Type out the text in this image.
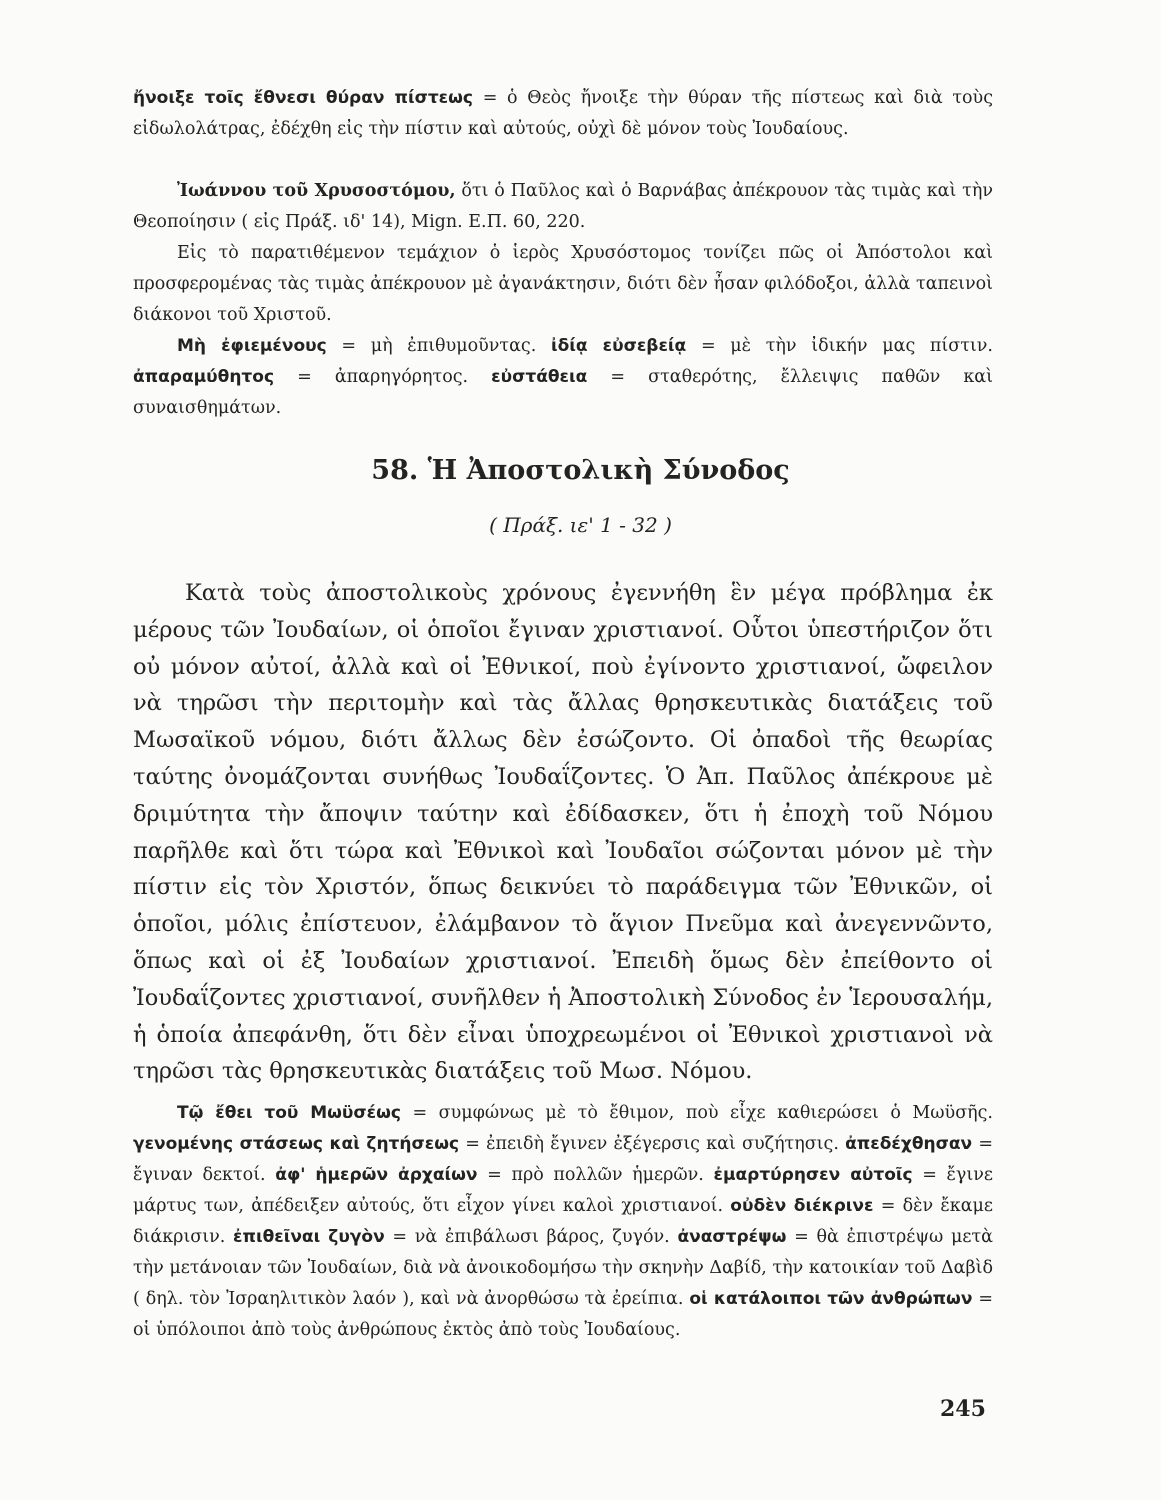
ἤνοιξε τοῖς ἔθνεσι θύραν πίστεως = ὁ Θεὸς ἤνοιξε τὴν θύραν τῆς πίστεως καὶ διὰ τοὺς εἰδωλολάτρας, ἐδέχθη εἰς τὴν πίστιν καὶ αὐτούς, οὐχὶ δὲ μόνον τοὺς Ἰουδαίους.

Ἰωάννου τοῦ Χρυσοστόμου, ὅτι ὁ Παῦλος καὶ ὁ Βαρνάβας ἀπέκρουον τὰς τιμὰς καὶ τὴν Θεοποίησιν ( εἰς Πράξ. ιδ' 14), Mign. Ε.Π. 60, 220.

Εἰς τὸ παρατιθέμενον τεμάχιον ὁ ἱερὸς Χρυσόστομος τονίζει πῶς οἱ Ἀπόστολοι καὶ προσφερομένας τὰς τιμὰς ἀπέκρουον μὲ ἀγανάκτησιν, διότι δὲν ἦσαν φιλόδοξοι, ἀλλὰ ταπεινοὶ διάκονοι τοῦ Χριστοῦ.

Μὴ ἐφιεμένους = μὴ ἐπιθυμοῦντας. ἰδίᾳ εὐσεβείᾳ = μὲ τὴν ἰδικήν μας πίστιν. ἀπαραμύθητος = ἀπαρηγόρητος. εὐστάθεια = σταθερότης, ἔλλειψις παθῶν καὶ συναισθημάτων.

58. Ἡ Ἀποστολικὴ Σύνοδος
( Πράξ. ιε' 1 - 32 )

Κατὰ τοὺς ἀποστολικοὺς χρόνους ἐγεννήθη ἓν μέγα πρόβλημα ἐκ μέρους τῶν Ἰουδαίων, οἱ ὁποῖοι ἔγιναν χριστιανοί. Οὗτοι ὑπεστήριζον ὅτι οὐ μόνον αὐτοί, ἀλλὰ καὶ οἱ Ἐθνικοί, ποὺ ἐγίνοντο χριστιανοί, ὤφειλον νὰ τηρῶσι τὴν περιτομὴν καὶ τὰς ἄλλας θρησκευτικὰς διατάξεις τοῦ Μωσαϊκοῦ νόμου, διότι ἄλλως δὲν ἐσώζοντο. Οἱ ὀπαδοὶ τῆς θεωρίας ταύτης ὀνομάζονται συνήθως Ἰουδαΐζοντες. Ὁ Ἀπ. Παῦλος ἀπέκρουε μὲ δριμύτητα τὴν ἄποψιν ταύτην καὶ ἐδίδασκεν, ὅτι ἡ ἐποχὴ τοῦ Νόμου παρῆλθε καὶ ὅτι τώρα καὶ Ἐθνικοὶ καὶ Ἰουδαῖοι σώζονται μόνον μὲ τὴν πίστιν εἰς τὸν Χριστόν, ὅπως δεικνύει τὸ παράδειγμα τῶν Ἐθνικῶν, οἱ ὁποῖοι, μόλις ἐπίστευον, ἐλάμβανον τὸ ἅγιον Πνεῦμα καὶ ἀνεγεννῶντο, ὅπως καὶ οἱ ἐξ Ἰουδαίων χριστιανοί. Ἐπειδὴ ὅμως δὲν ἐπείθοντο οἱ Ἰουδαΐζοντες χριστιανοί, συνῆλθεν ἡ Ἀποστολικὴ Σύνοδος ἐν Ἱερουσαλήμ, ἡ ὁποία ἀπεφάνθη, ὅτι δὲν εἶναι ὑποχρεωμένοι οἱ Ἐθνικοὶ χριστιανοὶ νὰ τηρῶσι τὰς θρησκευτικὰς διατάξεις τοῦ Μωσ. Νόμου.

Τῷ ἔθει τοῦ Μωϋσέως = συμφώνως μὲ τὸ ἔθιμον, ποὺ εἶχε καθιερώσει ὁ Μωϋσῆς. γενομένης στάσεως καὶ ζητήσεως = ἐπειδὴ ἔγινεν ἐξέγερσις καὶ συζήτησις. ἀπεδέχθησαν = ἔγιναν δεκτοί. ἀφ' ἡμερῶν ἀρχαίων = πρὸ πολλῶν ἡμερῶν. ἐμαρτύρησεν αὐτοῖς = ἔγινε μάρτυς των, ἀπέδειξεν αὐτούς, ὅτι εἶχον γίνει καλοὶ χριστιανοί. οὐδὲν διέκρινε = δὲν ἔκαμε διάκρισιν. ἐπιθεῖναι ζυγὸν = νὰ ἐπιβάλωσι βάρος, ζυγόν. ἀναστρέψω = θὰ ἐπιστρέψω μετὰ τὴν μετάνοιαν τῶν Ἰουδαίων, διὰ νὰ ἀνοικοδομήσω τὴν σκηνὴν Δαβίδ, τὴν κατοικίαν τοῦ Δαβὶδ ( δηλ. τὸν Ἰσραηλιτικὸν λαόν ), καὶ νὰ ἀνορθώσω τὰ ἐρείπια. οἱ κατάλοιποι τῶν ἀνθρώπων = οἱ ὑπόλοιποι ἀπὸ τοὺς ἀνθρώπους ἐκτὸς ἀπὸ τοὺς Ἰουδαίους.

245
